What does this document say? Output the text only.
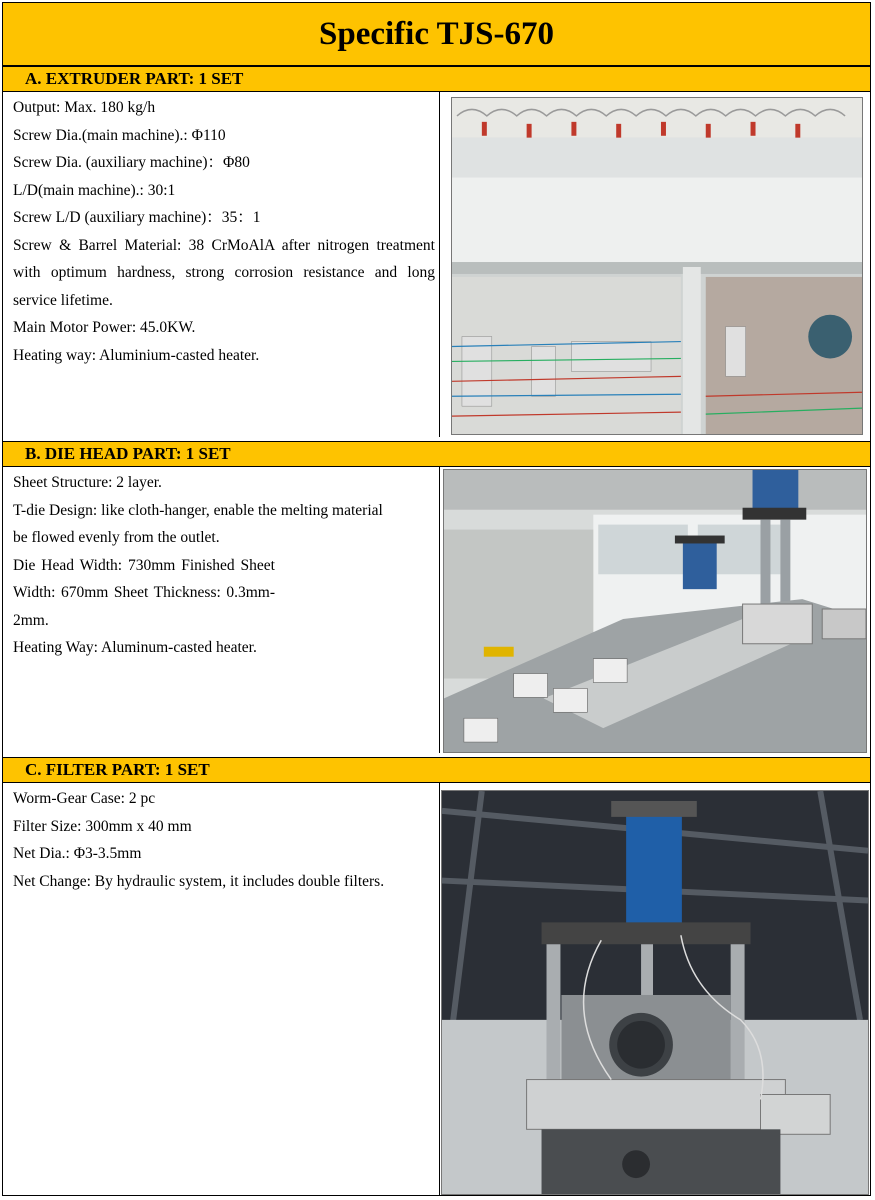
Specific TJS-670
A. EXTRUDER PART: 1 SET

Output: Max. 180 kg/h

Screw Dia.(main machine).: Φ110

Screw Dia. (auxiliary machine)：Φ80

L/D(main machine).: 30:1

Screw L/D (auxiliary machine)：35：1

Screw & Barrel Material: 38 CrMoAlA after nitrogen treatment with optimum hardness, strong corrosion resistance and long service lifetime.

Main Motor Power: 45.0KW.

Heating way: Aluminium-casted heater.

B. DIE HEAD PART: 1 SET

Sheet Structure: 2 layer.

T-die Design: like cloth-hanger, enable the melting material be flowed evenly from the outlet.

Die Head Width: 730mm Finished Sheet Width: 670mm Sheet Thickness: 0.3mm-2mm.

Heating Way: Aluminum-casted heater.

C. FILTER PART: 1 SET

Worm-Gear Case: 2 pc

Filter Size: 300mm x 40 mm

Net Dia.: Φ3-3.5mm

Net Change: By hydraulic system, it includes double filters.
